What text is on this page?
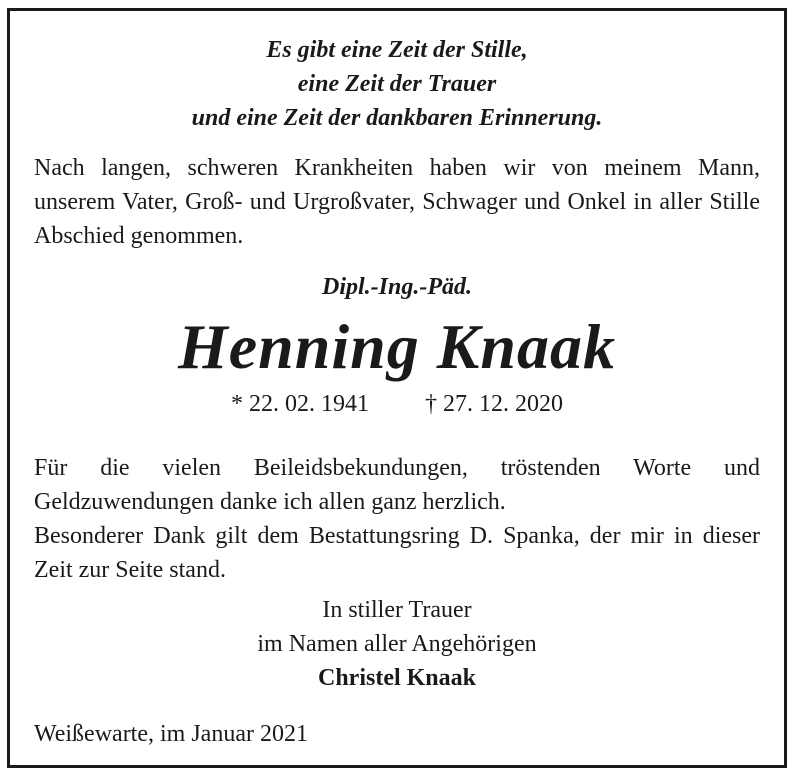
Es gibt eine Zeit der Stille,
eine Zeit der Trauer
und eine Zeit der dankbaren Erinnerung.
Nach langen, schweren Krankheiten haben wir von meinem Mann, unserem Vater, Groß- und Urgroßvater, Schwager und Onkel in aller Stille Abschied genommen.
Dipl.-Ing.-Päd.
Henning Knaak
* 22. 02. 1941 † 27. 12. 2020
Für die vielen Beileidsbekundungen, tröstenden Worte und Geldzuwendungen danke ich allen ganz herzlich.
Besonderer Dank gilt dem Bestattungsring D. Spanka, der mir in dieser Zeit zur Seite stand.
In stiller Trauer
im Namen aller Angehörigen
Christel Knaak
Weißewarte, im Januar 2021
